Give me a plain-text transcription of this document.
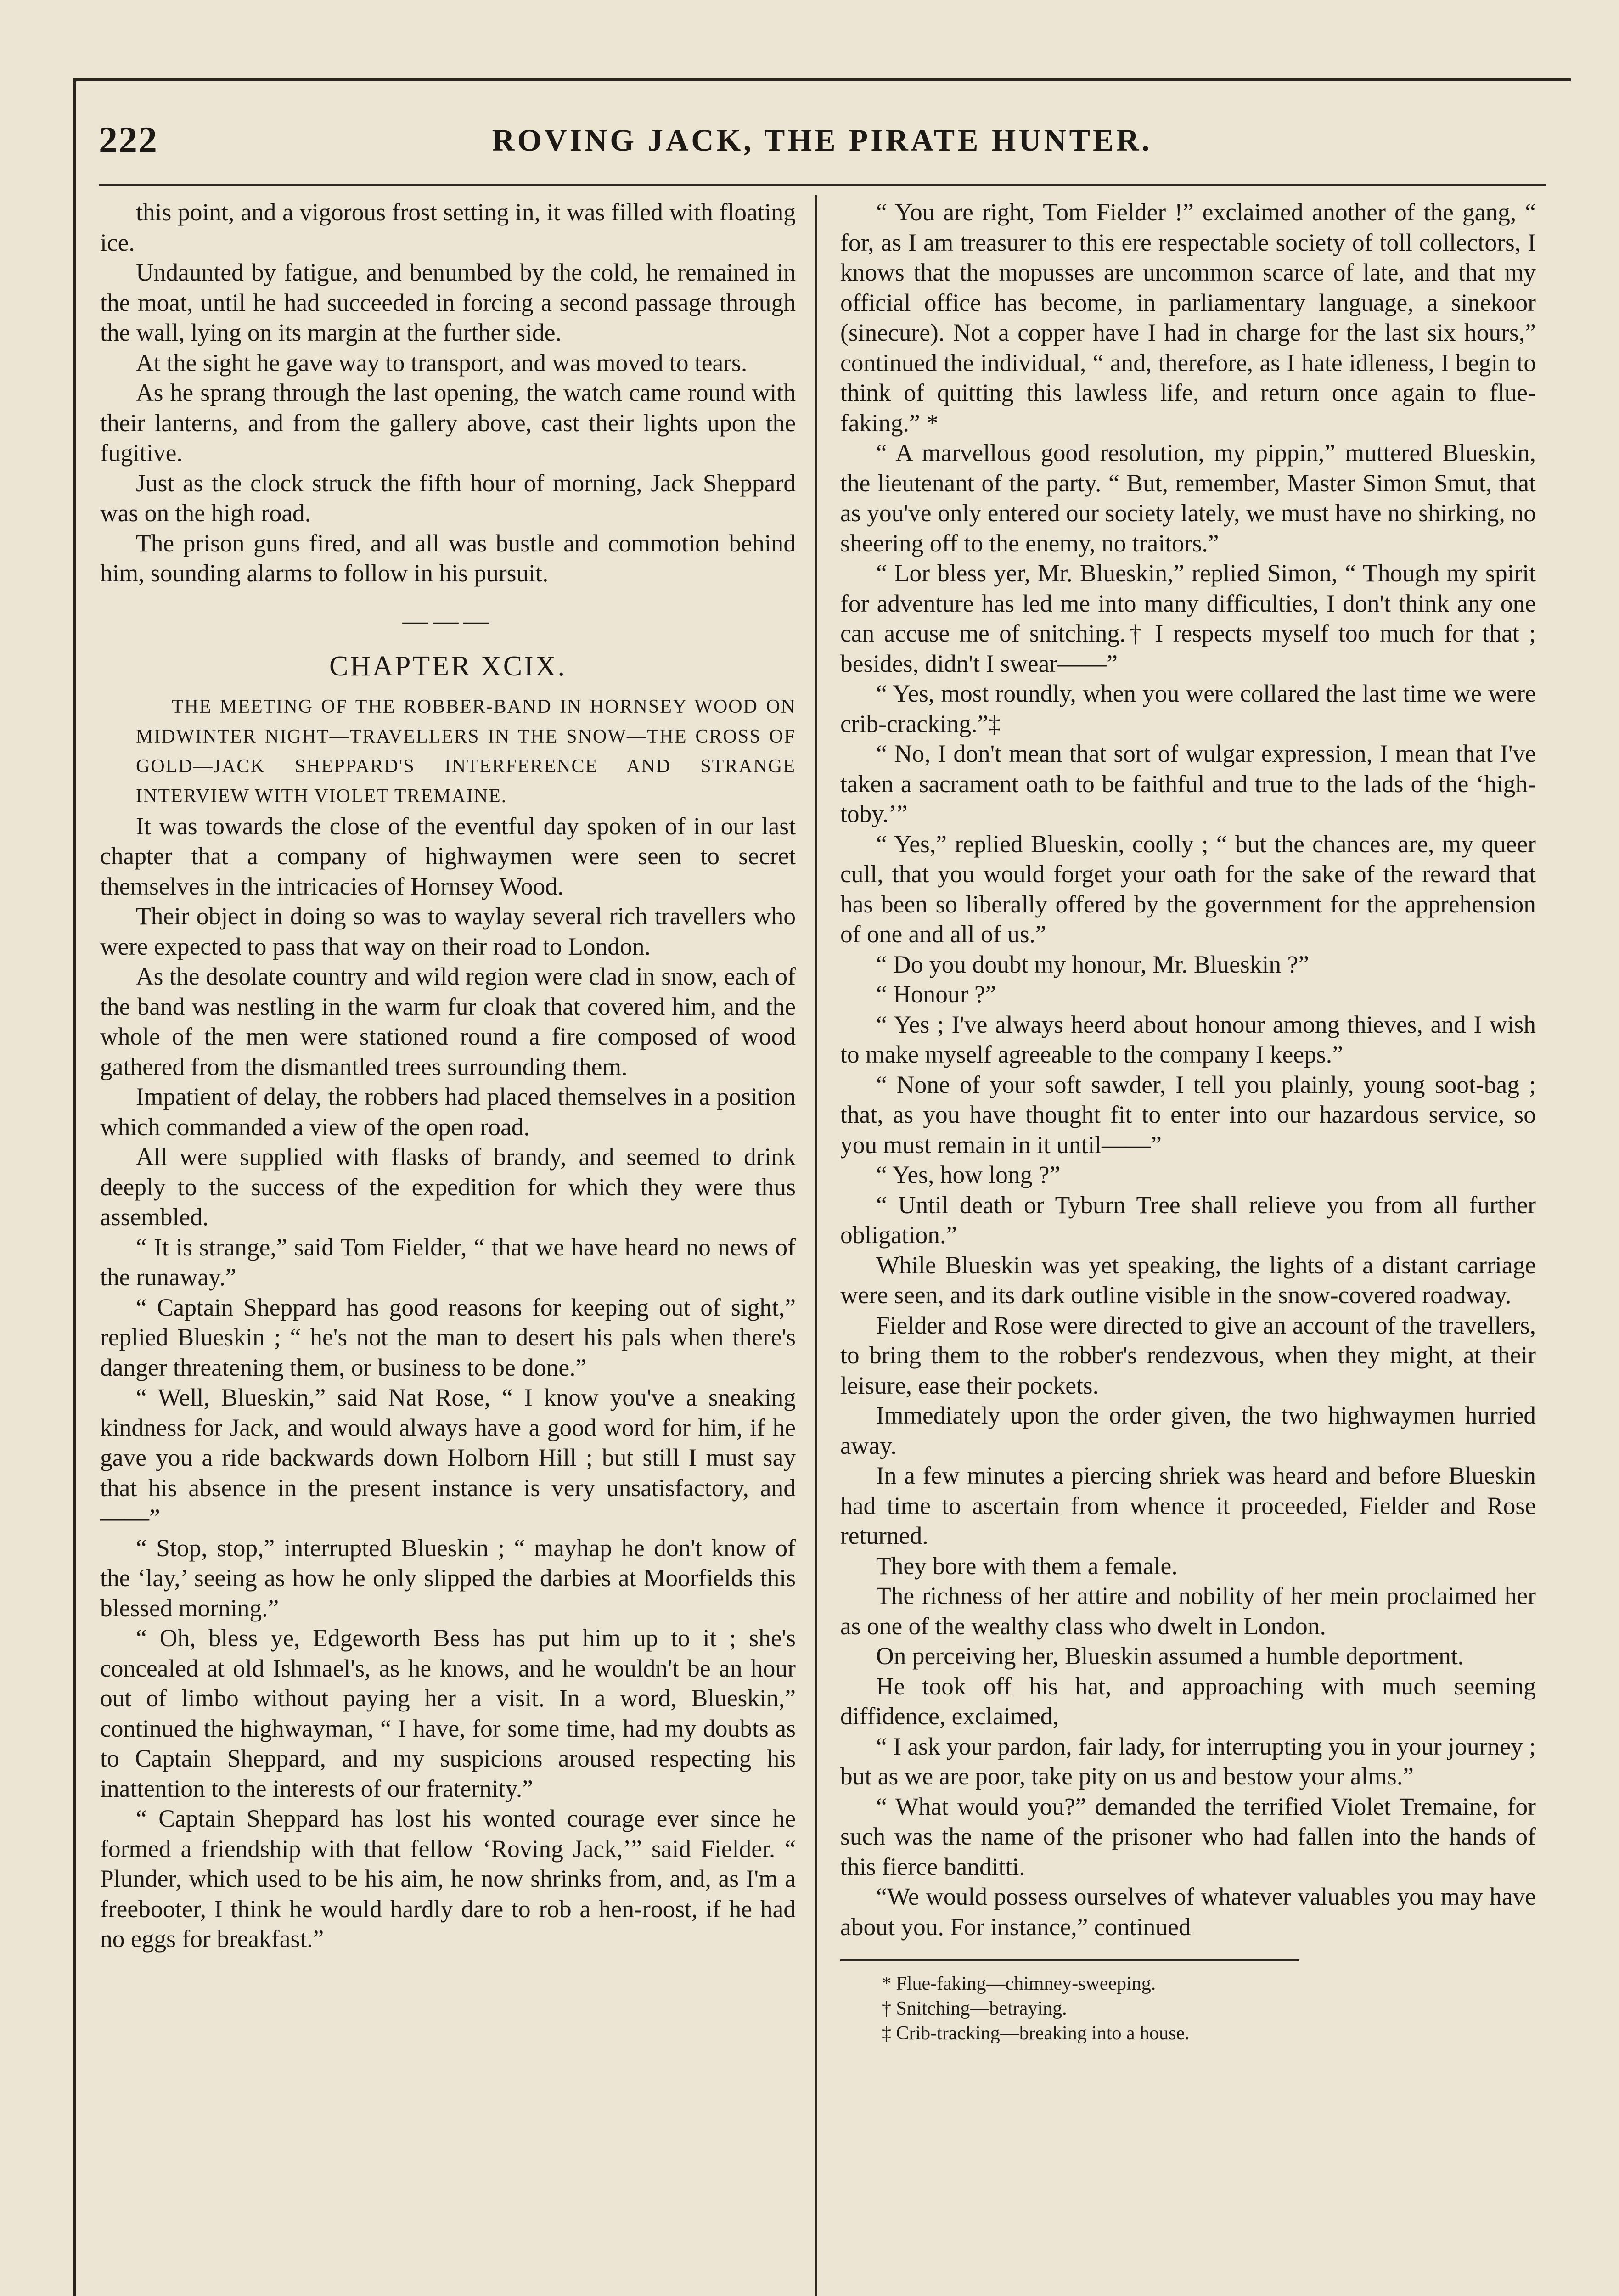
222	ROVING JACK, THE PIRATE HUNTER.

this point, and a vigorous frost setting in, it was filled with floating ice.

Undaunted by fatigue, and benumbed by the cold, he remained in the moat, until he had succeeded in forcing a second passage through the wall, lying on its margin at the further side.

At the sight he gave way to transport, and was moved to tears.

As he sprang through the last opening, the watch came round with their lanterns, and from the gallery above, cast their lights upon the fugitive.

Just as the clock struck the fifth hour of morning, Jack Sheppard was on the high road.

The prison guns fired, and all was bustle and commotion behind him, sounding alarms to follow in his pursuit.

———
CHAPTER XCIX.

THE MEETING OF THE ROBBER-BAND IN HORNSEY WOOD ON MIDWINTER NIGHT—TRAVELLERS IN THE SNOW—THE CROSS OF GOLD—JACK SHEPPARD'S INTERFERENCE AND STRANGE INTERVIEW WITH VIOLET TREMAINE.

It was towards the close of the eventful day spoken of in our last chapter that a company of highwaymen were seen to secret themselves in the intricacies of Hornsey Wood.

Their object in doing so was to waylay several rich travellers who were expected to pass that way on their road to London.

As the desolate country and wild region were clad in snow, each of the band was nestling in the warm fur cloak that covered him, and the whole of the men were stationed round a fire composed of wood gathered from the dismantled trees surrounding them.

Impatient of delay, the robbers had placed themselves in a position which commanded a view of the open road.

All were supplied with flasks of brandy, and seemed to drink deeply to the success of the expedition for which they were thus assembled.

“ It is strange,” said Tom Fielder, “ that we have heard no news of the runaway.”

“ Captain Sheppard has good reasons for keeping out of sight,” replied Blueskin ; “ he's not the man to desert his pals when there's danger threatening them, or business to be done.”

“ Well, Blueskin,” said Nat Rose, “ I know you've a sneaking kindness for Jack, and would always have a good word for him, if he gave you a ride backwards down Holborn Hill ; but still I must say that his absence in the present instance is very unsatisfactory, and——”

“ Stop, stop,” interrupted Blueskin ; “ mayhap he don't know of the ‘lay,’ seeing as how he only slipped the darbies at Moorfields this blessed morning.”

“ Oh, bless ye, Edgeworth Bess has put him up to it ; she's concealed at old Ishmael's, as he knows, and he wouldn't be an hour out of limbo without paying her a visit. In a word, Blueskin,” continued the highwayman, “ I have, for some time, had my doubts as to Captain Sheppard, and my suspicions aroused respecting his inattention to the interests of our fraternity.”

“ Captain Sheppard has lost his wonted courage ever since he formed a friendship with that fellow ‘Roving Jack,’” said Fielder. “ Plunder, which used to be his aim, he now shrinks from, and, as I'm a freebooter, I think he would hardly dare to rob a hen-roost, if he had no eggs for breakfast.”

“ You are right, Tom Fielder !” exclaimed another of the gang, “ for, as I am treasurer to this ere respectable society of toll collectors, I knows that the mopusses are uncommon scarce of late, and that my official office has become, in parliamentary language, a sinekoor (sinecure). Not a copper have I had in charge for the last six hours,” continued the individual, “ and, therefore, as I hate idleness, I begin to think of quitting this lawless life, and return once again to flue-faking.” *

“ A marvellous good resolution, my pippin,” muttered Blueskin, the lieutenant of the party. “ But, remember, Master Simon Smut, that as you've only entered our society lately, we must have no shirking, no sheering off to the enemy, no traitors.”

“ Lor bless yer, Mr. Blueskin,” replied Simon, “ Though my spirit for adventure has led me into many difficulties, I don't think any one can accuse me of snitching.† I respects myself too much for that ; besides, didn't I swear——”

“ Yes, most roundly, when you were collared the last time we were crib-cracking.”‡

“ No, I don't mean that sort of wulgar expression, I mean that I've taken a sacrament oath to be faithful and true to the lads of the ‘high-toby.’”

“ Yes,” replied Blueskin, coolly ; “ but the chances are, my queer cull, that you would forget your oath for the sake of the reward that has been so liberally offered by the government for the apprehension of one and all of us.”

“ Do you doubt my honour, Mr. Blueskin ?”

“ Honour ?”

“ Yes ; I've always heerd about honour among thieves, and I wish to make myself agreeable to the company I keeps.”

“ None of your soft sawder, I tell you plainly, young soot-bag ; that, as you have thought fit to enter into our hazardous service, so you must remain in it until——”

“ Yes, how long ?”

“ Until death or Tyburn Tree shall relieve you from all further obligation.”

While Blueskin was yet speaking, the lights of a distant carriage were seen, and its dark outline visible in the snow-covered roadway.

Fielder and Rose were directed to give an account of the travellers, to bring them to the robber's rendezvous, when they might, at their leisure, ease their pockets.

Immediately upon the order given, the two highwaymen hurried away.

In a few minutes a piercing shriek was heard and before Blueskin had time to ascertain from whence it proceeded, Fielder and Rose returned.

They bore with them a female.

The richness of her attire and nobility of her mein proclaimed her as one of the wealthy class who dwelt in London.

On perceiving her, Blueskin assumed a humble deportment.

He took off his hat, and approaching with much seeming diffidence, exclaimed,

“ I ask your pardon, fair lady, for interrupting you in your journey ; but as we are poor, take pity on us and bestow your alms.”

“ What would you?” demanded the terrified Violet Tremaine, for such was the name of the prisoner who had fallen into the hands of this fierce banditti.

“We would possess ourselves of whatever valuables you may have about you. For instance,” continued

* Flue-faking—chimney-sweeping.
† Snitching—betraying.
‡ Crib-tracking—breaking into a house.
